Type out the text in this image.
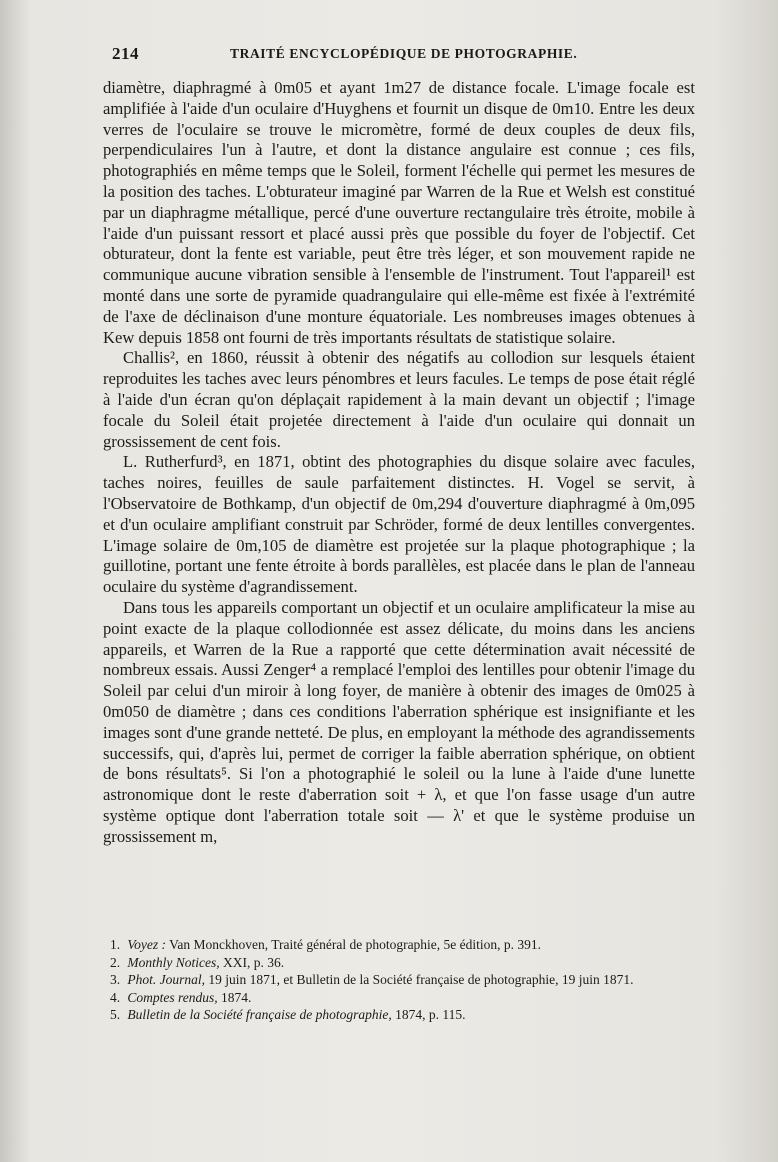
214	TRAITÉ ENCYCLOPÉDIQUE DE PHOTOGRAPHIE.

diamètre, diaphragmé à 0m05 et ayant 1m27 de distance focale. L'image focale est amplifiée à l'aide d'un oculaire d'Huyghens et fournit un disque de 0m10. Entre les deux verres de l'oculaire se trouve le micromètre, formé de deux couples de deux fils, perpendiculaires l'un à l'autre, et dont la distance angulaire est connue ; ces fils, photographiés en même temps que le Soleil, forment l'échelle qui permet les mesures de la position des taches. L'obturateur imaginé par Warren de la Rue et Welsh est constitué par un diaphragme métallique, percé d'une ouverture rectangulaire très étroite, mobile à l'aide d'un puissant ressort et placé aussi près que possible du foyer de l'objectif. Cet obturateur, dont la fente est variable, peut être très léger, et son mouvement rapide ne communique aucune vibration sensible à l'ensemble de l'instrument. Tout l'appareil¹ est monté dans une sorte de pyramide quadrangulaire qui elle-même est fixée à l'extrémité de l'axe de déclinaison d'une monture équatoriale. Les nombreuses images obtenues à Kew depuis 1858 ont fourni de très importants résultats de statistique solaire.

Challis², en 1860, réussit à obtenir des négatifs au collodion sur lesquels étaient reproduites les taches avec leurs pénombres et leurs facules. Le temps de pose était réglé à l'aide d'un écran qu'on déplaçait rapidement à la main devant un objectif ; l'image focale du Soleil était projetée directement à l'aide d'un oculaire qui donnait un grossissement de cent fois.

L. Rutherfurd³, en 1871, obtint des photographies du disque solaire avec facules, taches noires, feuilles de saule parfaitement distinctes. H. Vogel se servit, à l'Observatoire de Bothkamp, d'un objectif de 0m,294 d'ouverture diaphragmé à 0m,095 et d'un oculaire amplifiant construit par Schröder, formé de deux lentilles convergentes. L'image solaire de 0m,105 de diamètre est projetée sur la plaque photographique ; la guillotine, portant une fente étroite à bords parallèles, est placée dans le plan de l'anneau oculaire du système d'agrandissement.

Dans tous les appareils comportant un objectif et un oculaire amplificateur la mise au point exacte de la plaque collodionnée est assez délicate, du moins dans les anciens appareils, et Warren de la Rue a rapporté que cette détermination avait nécessité de nombreux essais. Aussi Zenger⁴ a remplacé l'emploi des lentilles pour obtenir l'image du Soleil par celui d'un miroir à long foyer, de manière à obtenir des images de 0m025 à 0m050 de diamètre ; dans ces conditions l'aberration sphérique est insignifiante et les images sont d'une grande netteté. De plus, en employant la méthode des agrandissements successifs, qui, d'après lui, permet de corriger la faible aberration sphérique, on obtient de bons résultats⁵. Si l'on a photographié le soleil ou la lune à l'aide d'une lunette astronomique dont le reste d'aberration soit + λ, et que l'on fasse usage d'un autre système optique dont l'aberration totale soit — λ' et que le système produise un grossissement m,

1. Voyez : Van Monckhoven, Traité général de photographie, 5e édition, p. 391.

2. Monthly Notices, XXI, p. 36.

3. Phot. Journal, 19 juin 1871, et Bulletin de la Société française de photographie, 19 juin 1871.

4. Comptes rendus, 1874.

5. Bulletin de la Société française de photographie, 1874, p. 115.
